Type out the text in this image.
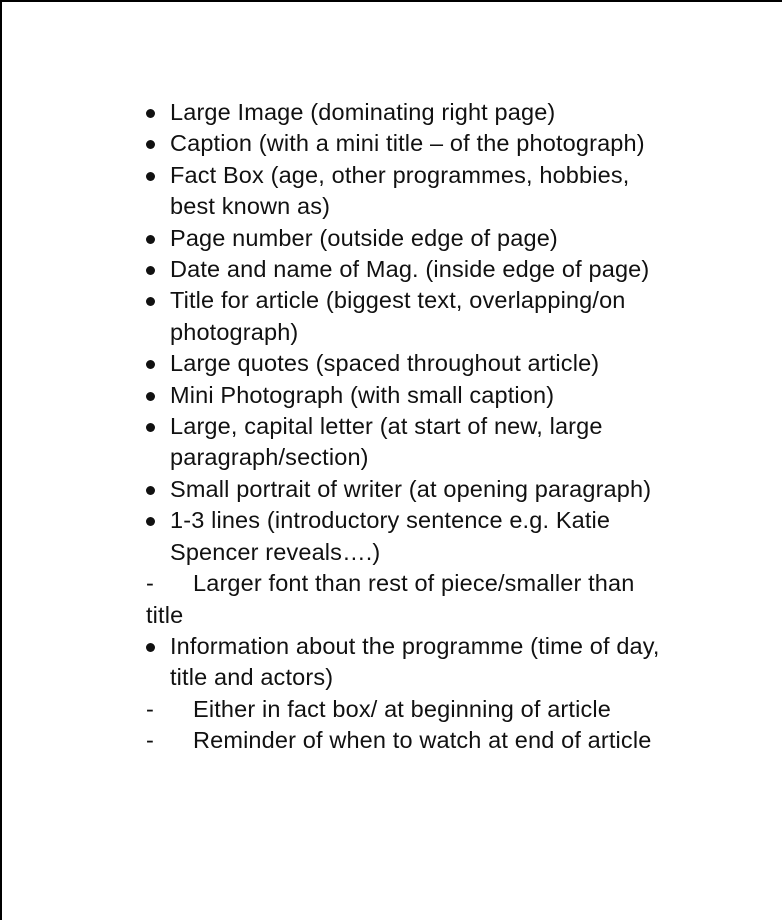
Large Image (dominating right page)
Caption (with a mini title – of the photograph)
Fact Box (age, other programmes, hobbies, best known as)
Page number (outside edge of page)
Date and name of Mag. (inside edge of page)
Title for article (biggest text, overlapping/on photograph)
Large quotes (spaced throughout article)
Mini Photograph (with small caption)
Large, capital letter (at start of new, large paragraph/section)
Small portrait of writer (at opening paragraph)
1-3 lines (introductory sentence e.g. Katie Spencer reveals….)
- Larger font than rest of piece/smaller than title
Information about the programme (time of day, title and actors)
- Either in fact box/ at beginning of article
- Reminder of when to watch at end of article
